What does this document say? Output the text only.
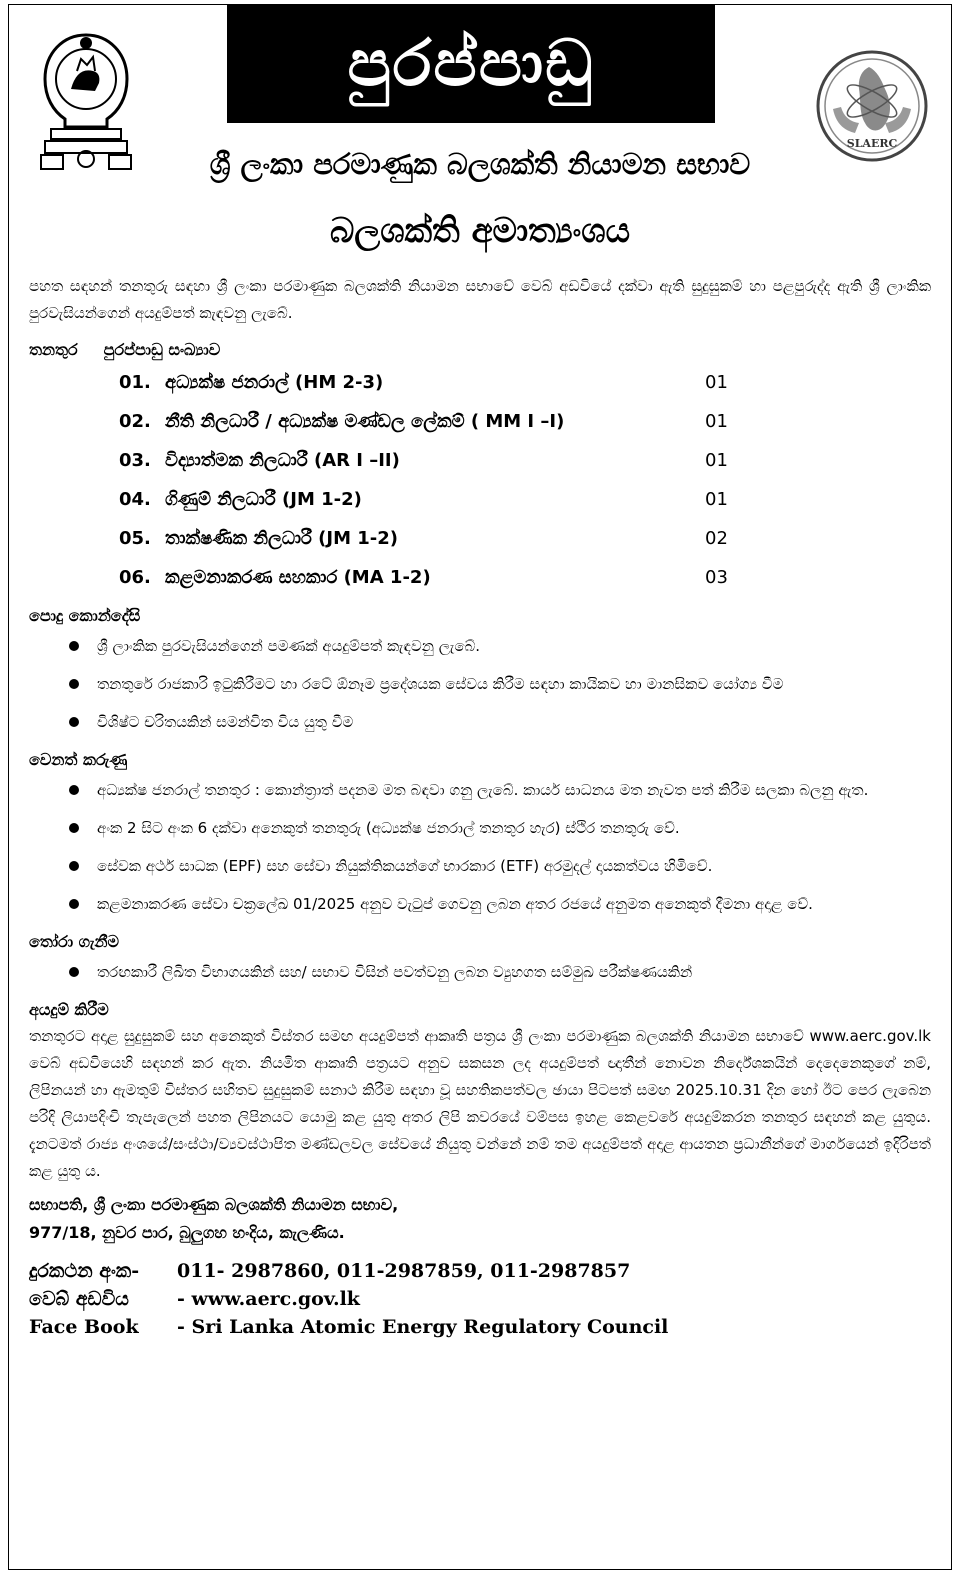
පුරප්පාඩු
SLAERC
ශ්‍රී ලංකා පරමාණුක බලශක්ති නියාමන සභාව
බලශක්ති අමාත්‍යංශය

පහත සඳහන් තනතුරු සඳහා ශ්‍රී ලංකා පරමාණුක බලශක්ති නියාමන සභාවේ වෙබ් අඩවියේ දක්වා ඇති සුදුසුකම් හා පළපුරුද්ද ඇති ශ්‍රී ලාංකික පුරවැසියන්ගෙන් අයදුම්පත් කැඳවනු ලැබේ.

තනතුර පුරප්පාඩු සංඛ්‍යාව
01.	අධ්‍යක්ෂ ජනරාල් (HM 2-3)	01
02.	නීති නිලධාරී / අධ්‍යක්ෂ මණ්ඩල ලේකම් ( MM I –I)	01
03.	විද්‍යාත්මක නිලධාරී (AR I –II)	01
04.	ගිණුම් නිලධාරී (JM 1-2)	01
05.	තාක්ෂණික නිලධාරී (JM 1-2)	02
06.	කළමනාකරණ සහකාර (MA 1-2)	03
පොදු කොන්දේසි
ශ්‍රී ලාංකික පුරවැසියන්ගෙන් පමණක් අයදුම්පත් කැඳවනු ලැබේ.
තනතුරේ රාජකාරි ඉටුකිරීමට හා රටේ ඕනෑම ප්‍රදේශයක සේවය කිරීම සඳහා කායිකව හා මානසිකව යෝග්‍ය වීම
විශිෂ්ට චරිතයකින් සමන්විත විය යුතු වීම
වෙනත් කරුණු
අධ්‍යක්ෂ ජනරාල් තනතුර : කොන්ත්‍රාත් පදනම මත බඳවා ගනු ලැබේ. කාර්ය සාධනය මත නැවත පත් කිරීම සලකා බලනු ඇත.
අංක 2 සිට අංක 6 දක්වා අනෙකුත් තනතුරු (අධ්‍යක්ෂ ජනරාල් තනතුර හැර) ස්ථිර තනතුරු වේ.
සේවක අර්ථ සාධක (EPF) සහ සේවා නියුක්තිකයන්ගේ භාරකාර (ETF) අරමුදල් දායකත්වය හිමිවේ.
කළමනාකරණ සේවා චක්‍රලේඛ 01/2025 අනුව වැටුප් ගෙවනු ලබන අතර රජයේ අනුමත අනෙකුත් දීමනා අදාළ වේ.
තෝරා ගැනීම
තරඟකාරී ලිඛිත විභාගයකින් සහ/ සභාව විසින් පවත්වනු ලබන ව්‍යුහගත සම්මුඛ පරීක්ෂණයකින්
අයදුම් කිරීම

තනතුරට අදාළ සුදුසුකම් සහ අනෙකුත් විස්තර සමඟ අයදුම්පත් ආකෘති පත්‍රය ශ්‍රී ලංකා පරමාණුක බලශක්ති නියාමන සභාවේ www.aerc.gov.lk වෙබ් අඩවියෙහි සඳහන් කර ඇත. නියමිත ආකෘති පත්‍රයට අනුව සකසන ලද අයදුම්පත් ඥාතීන් නොවන නිර්දේශකයින් දෙදෙනෙකුගේ නම්, ලිපිනයන් හා ඇමතුම් විස්තර සහිතව සුදුසුකම් සනාථ කිරීම සඳහා වූ සහතිකපත්වල ඡායා පිටපත් සමඟ 2025.10.31 දින හෝ ඊට පෙර ලැබෙන පරිදි ලියාපදිංචි තැපැලෙන් පහත ලිපිනයට යොමු කළ යුතු අතර ලිපි කවරයේ වම්පස ඉහළ කෙළවරේ අයදුම්කරන තනතුර සඳහන් කළ යුතුය. දැනටමත් රාජ්‍ය අංශයේ/සංස්ථා/ව්‍යවස්ථාපිත මණ්ඩලවල සේවයේ නියුතු වන්නේ නම් තම අයදුම්පත් අදාළ ආයතන ප්‍රධානීන්ගේ මාර්ගයෙන් ඉදිරිපත් කළ යුතු ය.

සභාපති, ශ්‍රී ලංකා පරමාණුක බලශක්ති නියාමන සභාව,
977/18, නුවර පාර, බුලුගහ හංදිය, කැලණිය.
දුරකථන අංක-	011- 2987860, 011-2987859, 011-2987857
වෙබ් අඩවිය	- www.aerc.gov.lk
Face Book	- Sri Lanka Atomic Energy Regulatory Council
